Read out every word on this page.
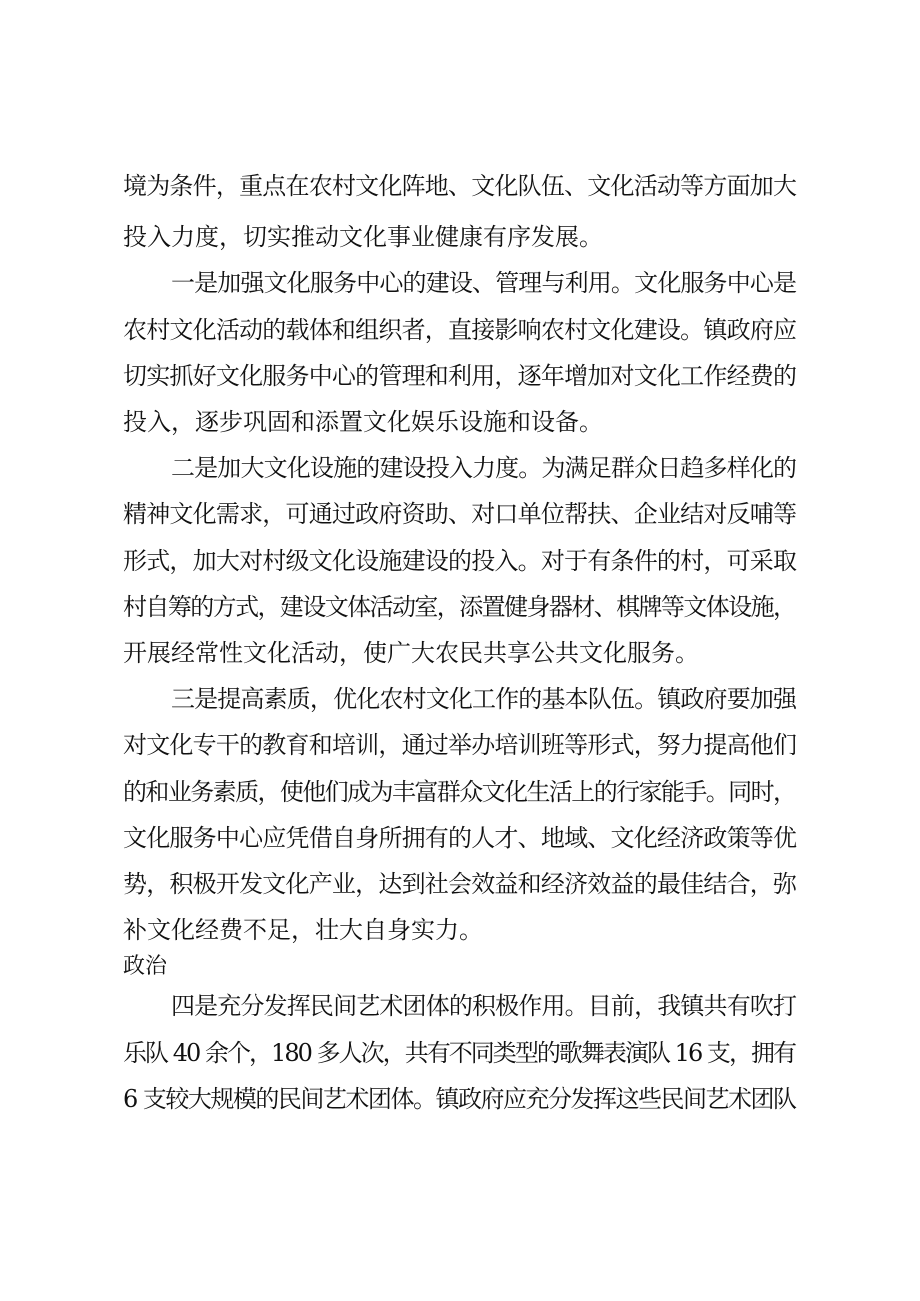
境为条件，重点在农村文化阵地、文化队伍、文化活动等方面加大

投入力度，切实推动文化事业健康有序发展。

一是加强文化服务中心的建设、管理与利用。文化服务中心是

农村文化活动的载体和组织者，直接影响农村文化建设。镇政府应

切实抓好文化服务中心的管理和利用，逐年增加对文化工作经费的

投入，逐步巩固和添置文化娱乐设施和设备。

二是加大文化设施的建设投入力度。为满足群众日趋多样化的

精神文化需求，可通过政府资助、对口单位帮扶、企业结对反哺等

形式，加大对村级文化设施建设的投入。对于有条件的村，可采取

村自筹的方式，建设文体活动室，添置健身器材、棋牌等文体设施，

开展经常性文化活动，使广大农民共享公共文化服务。

三是提高素质，优化农村文化工作的基本队伍。镇政府要加强

对文化专干的教育和培训，通过举办培训班等形式，努力提高他们

的和业务素质，使他们成为丰富群众文化生活上的行家能手。同时，

文化服务中心应凭借自身所拥有的人才、地域、文化经济政策等优

势，积极开发文化产业，达到社会效益和经济效益的最佳结合，弥

补文化经费不足，壮大自身实力。

政治

四是充分发挥民间艺术团体的积极作用。目前，我镇共有吹打

乐队 40 余个，180 多人次，共有不同类型的歌舞表演队 16 支，拥有

6 支较大规模的民间艺术团体。镇政府应充分发挥这些民间艺术团队
